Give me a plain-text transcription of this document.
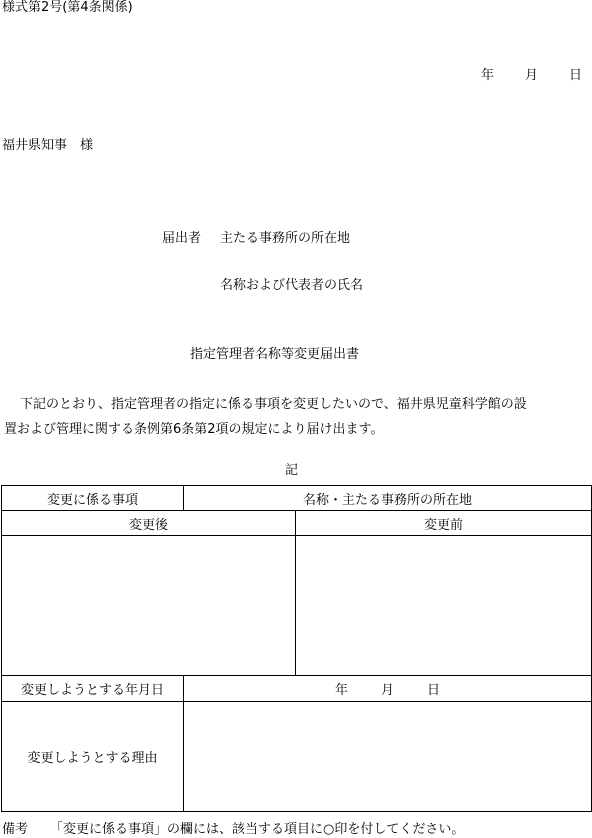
様式第2号(第4条関係)
年 月 日
福井県知事　様
届出者 主たる事務所の所在地
名称および代表者の氏名
指定管理者名称等変更届出書
下記のとおり、指定管理者の指定に係る事項を変更したいので、福井県児童科学館の設
置および管理に関する条例第6条第2項の規定により届け出ます。
記
変更に係る事項	名称・主たる事務所の所在地
変更後	変更前

変更しようとする年月日	年 月 日
変更しようとする理由	
備考 「変更に係る事項」の欄には、該当する項目に○印を付してください。
